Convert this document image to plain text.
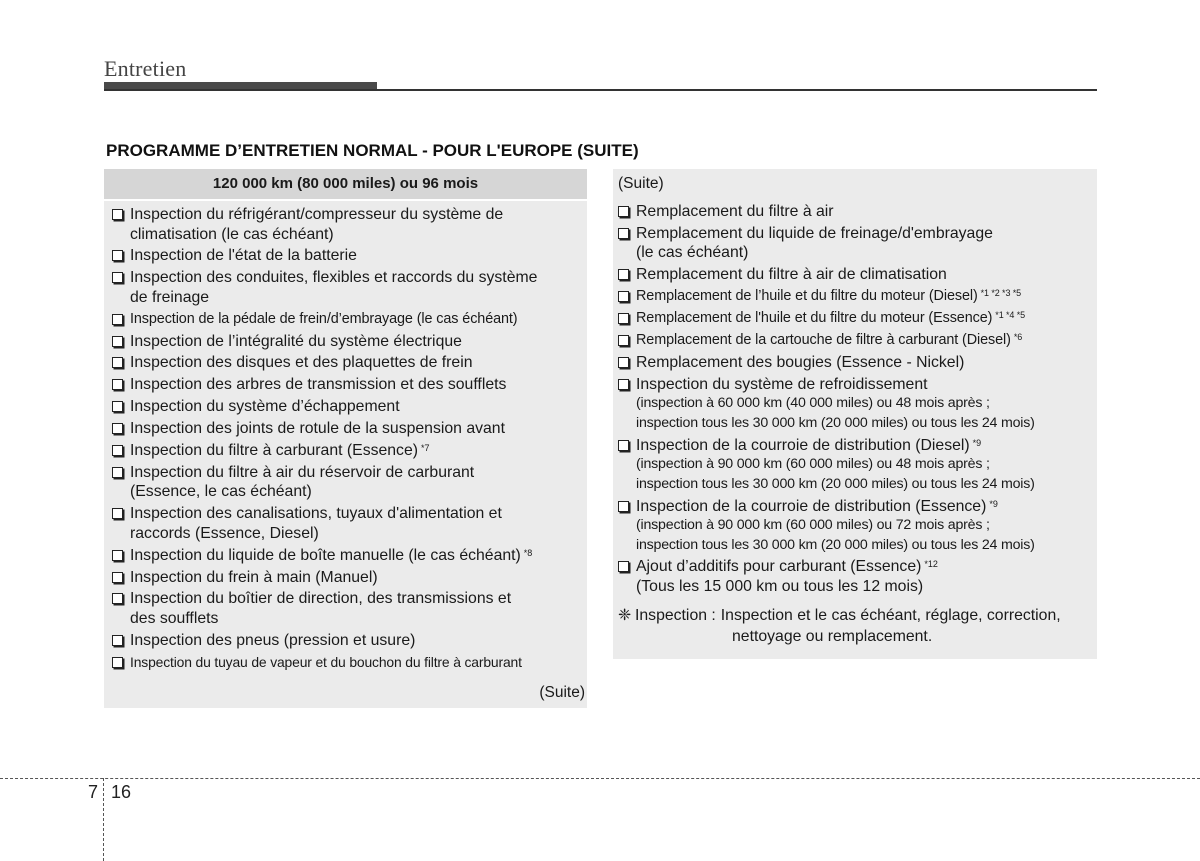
Entretien
PROGRAMME D’ENTRETIEN NORMAL - POUR L'EUROPE (SUITE)
120 000 km (80 000 miles) ou 96 mois
Inspection du réfrigérant/compresseur du système de
climatisation (le cas échéant)
Inspection de l'état de la batterie
Inspection des conduites, flexibles et raccords du système
de freinage
Inspection de la pédale de frein/d’embrayage (le cas échéant)
Inspection de l’intégralité du système électrique
Inspection des disques et des plaquettes de frein
Inspection des arbres de transmission et des soufflets
Inspection du système d’échappement
Inspection des joints de rotule de la suspension avant
Inspection du filtre à carburant (Essence) $^{*7}$
Inspection du filtre à air du réservoir de carburant
(Essence, le cas échéant)
Inspection des canalisations, tuyaux d'alimentation et
raccords (Essence, Diesel)
Inspection du liquide de boîte manuelle (le cas échéant) $^{*8}$
Inspection du frein à main (Manuel)
Inspection du boîtier de direction, des transmissions et
des soufflets
Inspection des pneus (pression et usure)
Inspection du tuyau de vapeur et du bouchon du filtre à carburant
(Suite)
(Suite)
Remplacement du filtre à air
Remplacement du liquide de freinage/d'embrayage
(le cas échéant)
Remplacement du filtre à air de climatisation
Remplacement de l’huile et du filtre du moteur (Diesel) $^{*1 *2 *3 *5}$
Remplacement de l'huile et du filtre du moteur (Essence) $^{*1 *4 *5}$
Remplacement de la cartouche de filtre à carburant (Diesel) $^{*6}$
Remplacement des bougies (Essence - Nickel)
Inspection du système de refroidissement
(inspection à 60 000 km (40 000 miles) ou 48 mois après ;
inspection tous les 30 000 km (20 000 miles) ou tous les 24 mois)
Inspection de la courroie de distribution (Diesel) $^{*9}$
(inspection à 90 000 km (60 000 miles) ou 48 mois après ;
inspection tous les 30 000 km (20 000 miles) ou tous les 24 mois)
Inspection de la courroie de distribution (Essence) $^{*9}$
(inspection à 90 000 km (60 000 miles) ou 72 mois après ;
inspection tous les 30 000 km (20 000 miles) ou tous les 24 mois)
Ajout d’additifs pour carburant (Essence) $^{*12}$
(Tous les 15 000 km ou tous les 12 mois)
❈ Inspection : Inspection et le cas échéant, réglage, correction,
nettoyage ou remplacement.
7 16
